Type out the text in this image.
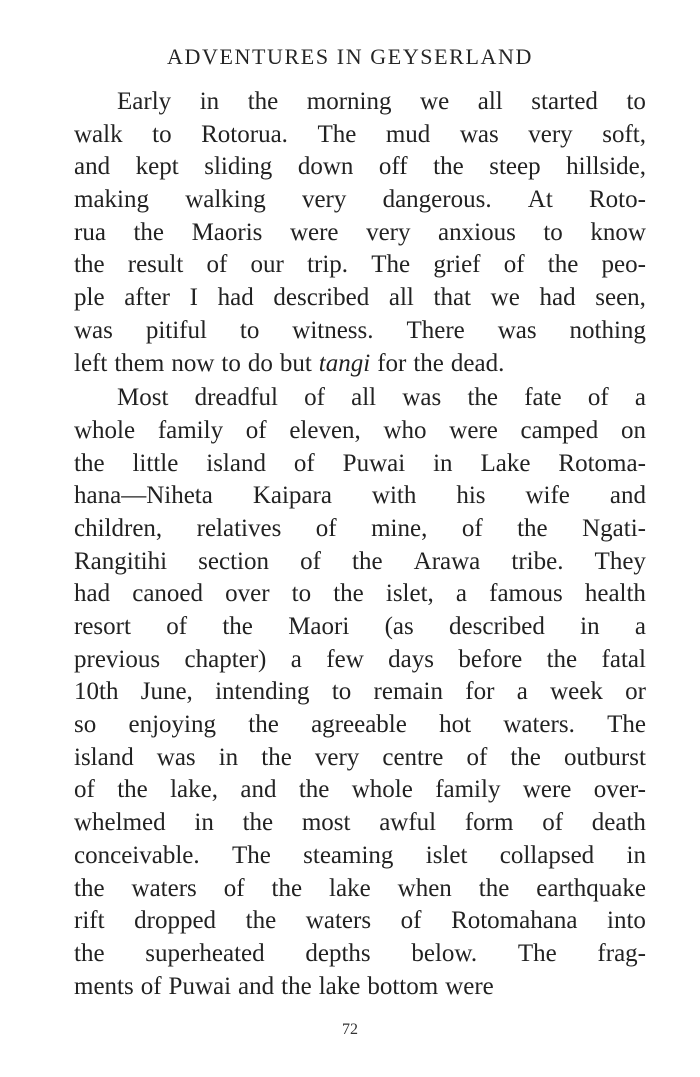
ADVENTURES IN GEYSERLAND
Early in the morning we all started to
walk to Rotorua. The mud was very soft,
and kept sliding down off the steep hillside,
making walking very dangerous. At Roto-
rua the Maoris were very anxious to know
the result of our trip. The grief of the peo-
ple after I had described all that we had seen,
was pitiful to witness. There was nothing
left them now to do but tangi for the dead.
Most dreadful of all was the fate of a
whole family of eleven, who were camped on
the little island of Puwai in Lake Rotoma-
hana—Niheta Kaipara with his wife and
children, relatives of mine, of the Ngati-
Rangitihi section of the Arawa tribe. They
had canoed over to the islet, a famous health
resort of the Maori (as described in a
previous chapter) a few days before the fatal
10th June, intending to remain for a week or
so enjoying the agreeable hot waters. The
island was in the very centre of the outburst
of the lake, and the whole family were over-
whelmed in the most awful form of death
conceivable. The steaming islet collapsed in
the waters of the lake when the earthquake
rift dropped the waters of Rotomahana into
the superheated depths below. The frag-
ments of Puwai and the lake bottom were
72
